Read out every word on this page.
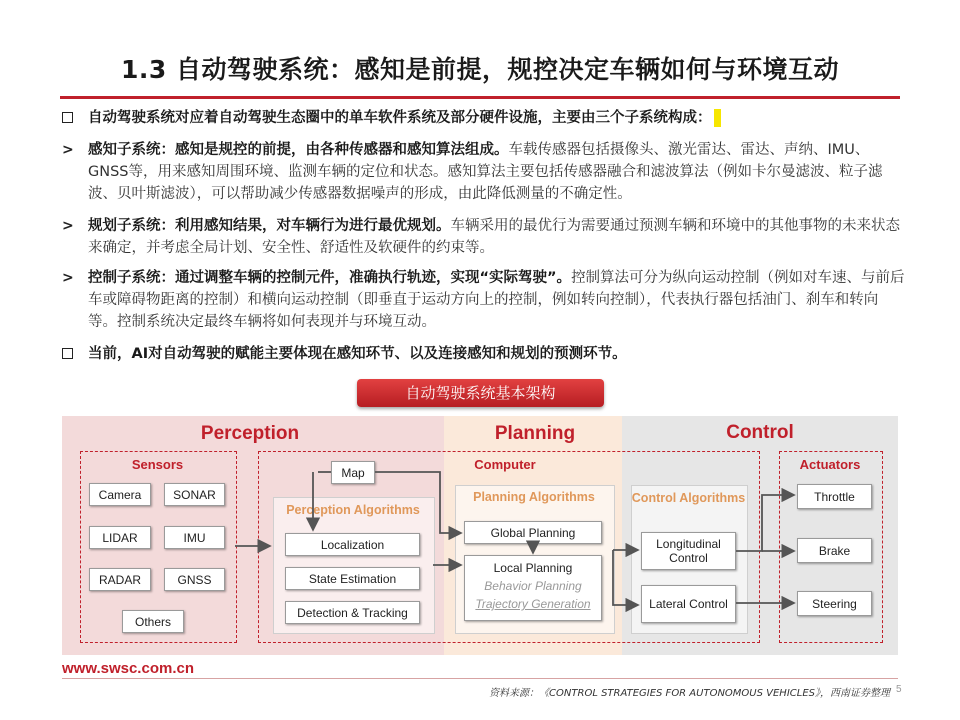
1.3 自动驾驶系统：感知是前提，规控决定车辆如何与环境互动
自动驾驶系统对应着自动驾驶生态圈中的单车软件系统及部分硬件设施，主要由三个子系统构成：
> 感知子系统：感知是规控的前提，由各种传感器和感知算法组成。车载传感器包括摄像头、激光雷达、雷达、声纳、IMU、GNSS等，用来感知周围环境、监测车辆的定位和状态。感知算法主要包括传感器融合和滤波算法（例如卡尔曼滤波、粒子滤波、贝叶斯滤波），可以帮助减少传感器数据噪声的形成，由此降低测量的不确定性。
> 规划子系统：利用感知结果，对车辆行为进行最优规划。车辆采用的最优行为需要通过预测车辆和环境中的其他事物的未来状态来确定，并考虑全局计划、安全性、舒适性及软硬件的约束等。
> 控制子系统：通过调整车辆的控制元件，准确执行轨迹，实现“实际驾驶”。控制算法可分为纵向运动控制（例如对车速、与前后车或障碍物距离的控制）和横向运动控制（即垂直于运动方向上的控制，例如转向控制），代表执行器包括油门、刹车和转向等。控制系统决定最终车辆将如何表现并与环境互动。
当前，AI对自动驾驶的赋能主要体现在感知环节、以及连接感知和规划的预测环节。
自动驾驶系统基本架构
Perception	Planning	Control
Sensors
Camera	SONAR
LIDAR	IMU
RADAR	GNSS
Others
Computer
Map
Perception Algorithms
Localization
State Estimation
Detection & Tracking
Planning Algorithms
Global Planning
Local Planning
Behavior Planning
Trajectory Generation
Control Algorithms
Longitudinal Control
Lateral Control
Actuators
Throttle
Brake
Steering
www.swsc.com.cn
资料来源：《CONTROL STRATEGIES FOR AUTONOMOUS VEHICLES》，西南证券整理 5
